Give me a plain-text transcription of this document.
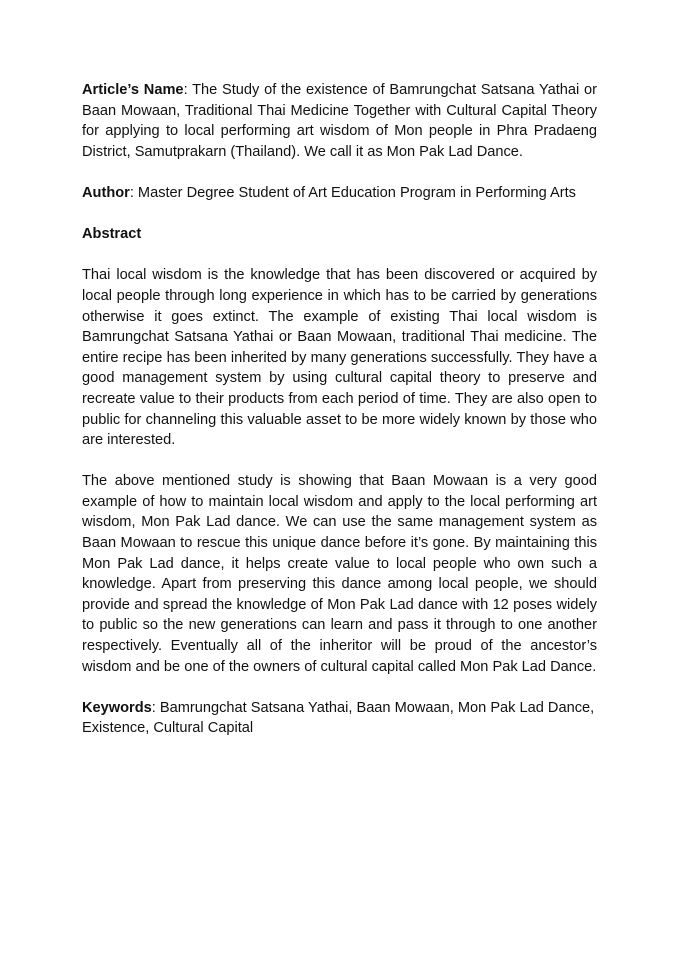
Article’s Name: The Study of the existence of Bamrungchat Satsana Yathai or Baan Mowaan, Traditional Thai Medicine Together with Cultural Capital Theory for applying to local performing art wisdom of Mon people in Phra Pradaeng District, Samutprakarn (Thailand). We call it as Mon Pak Lad Dance.

Author: Master Degree Student of Art Education Program in Performing Arts

Abstract

Thai local wisdom is the knowledge that has been discovered or acquired by local people through long experience in which has to be carried by generations otherwise it goes extinct. The example of existing Thai local wisdom is Bamrungchat Satsana Yathai or Baan Mowaan, traditional Thai medicine. The entire recipe has been inherited by many generations successfully. They have a good management system by using cultural capital theory to preserve and recreate value to their products from each period of time. They are also open to public for channeling this valuable asset to be more widely known by those who are interested.

The above mentioned study is showing that Baan Mowaan is a very good example of how to maintain local wisdom and apply to the local performing art wisdom, Mon Pak Lad dance. We can use the same management system as Baan Mowaan to rescue this unique dance before it’s gone. By maintaining this Mon Pak Lad dance, it helps create value to local people who own such a knowledge. Apart from preserving this dance among local people, we should provide and spread the knowledge of Mon Pak Lad dance with 12 poses widely to public so the new generations can learn and pass it through to one another respectively. Eventually all of the inheritor will be proud of the ancestor’s wisdom and be one of the owners of cultural capital called Mon Pak Lad Dance.

Keywords: Bamrungchat Satsana Yathai, Baan Mowaan, Mon Pak Lad Dance, Existence, Cultural Capital
